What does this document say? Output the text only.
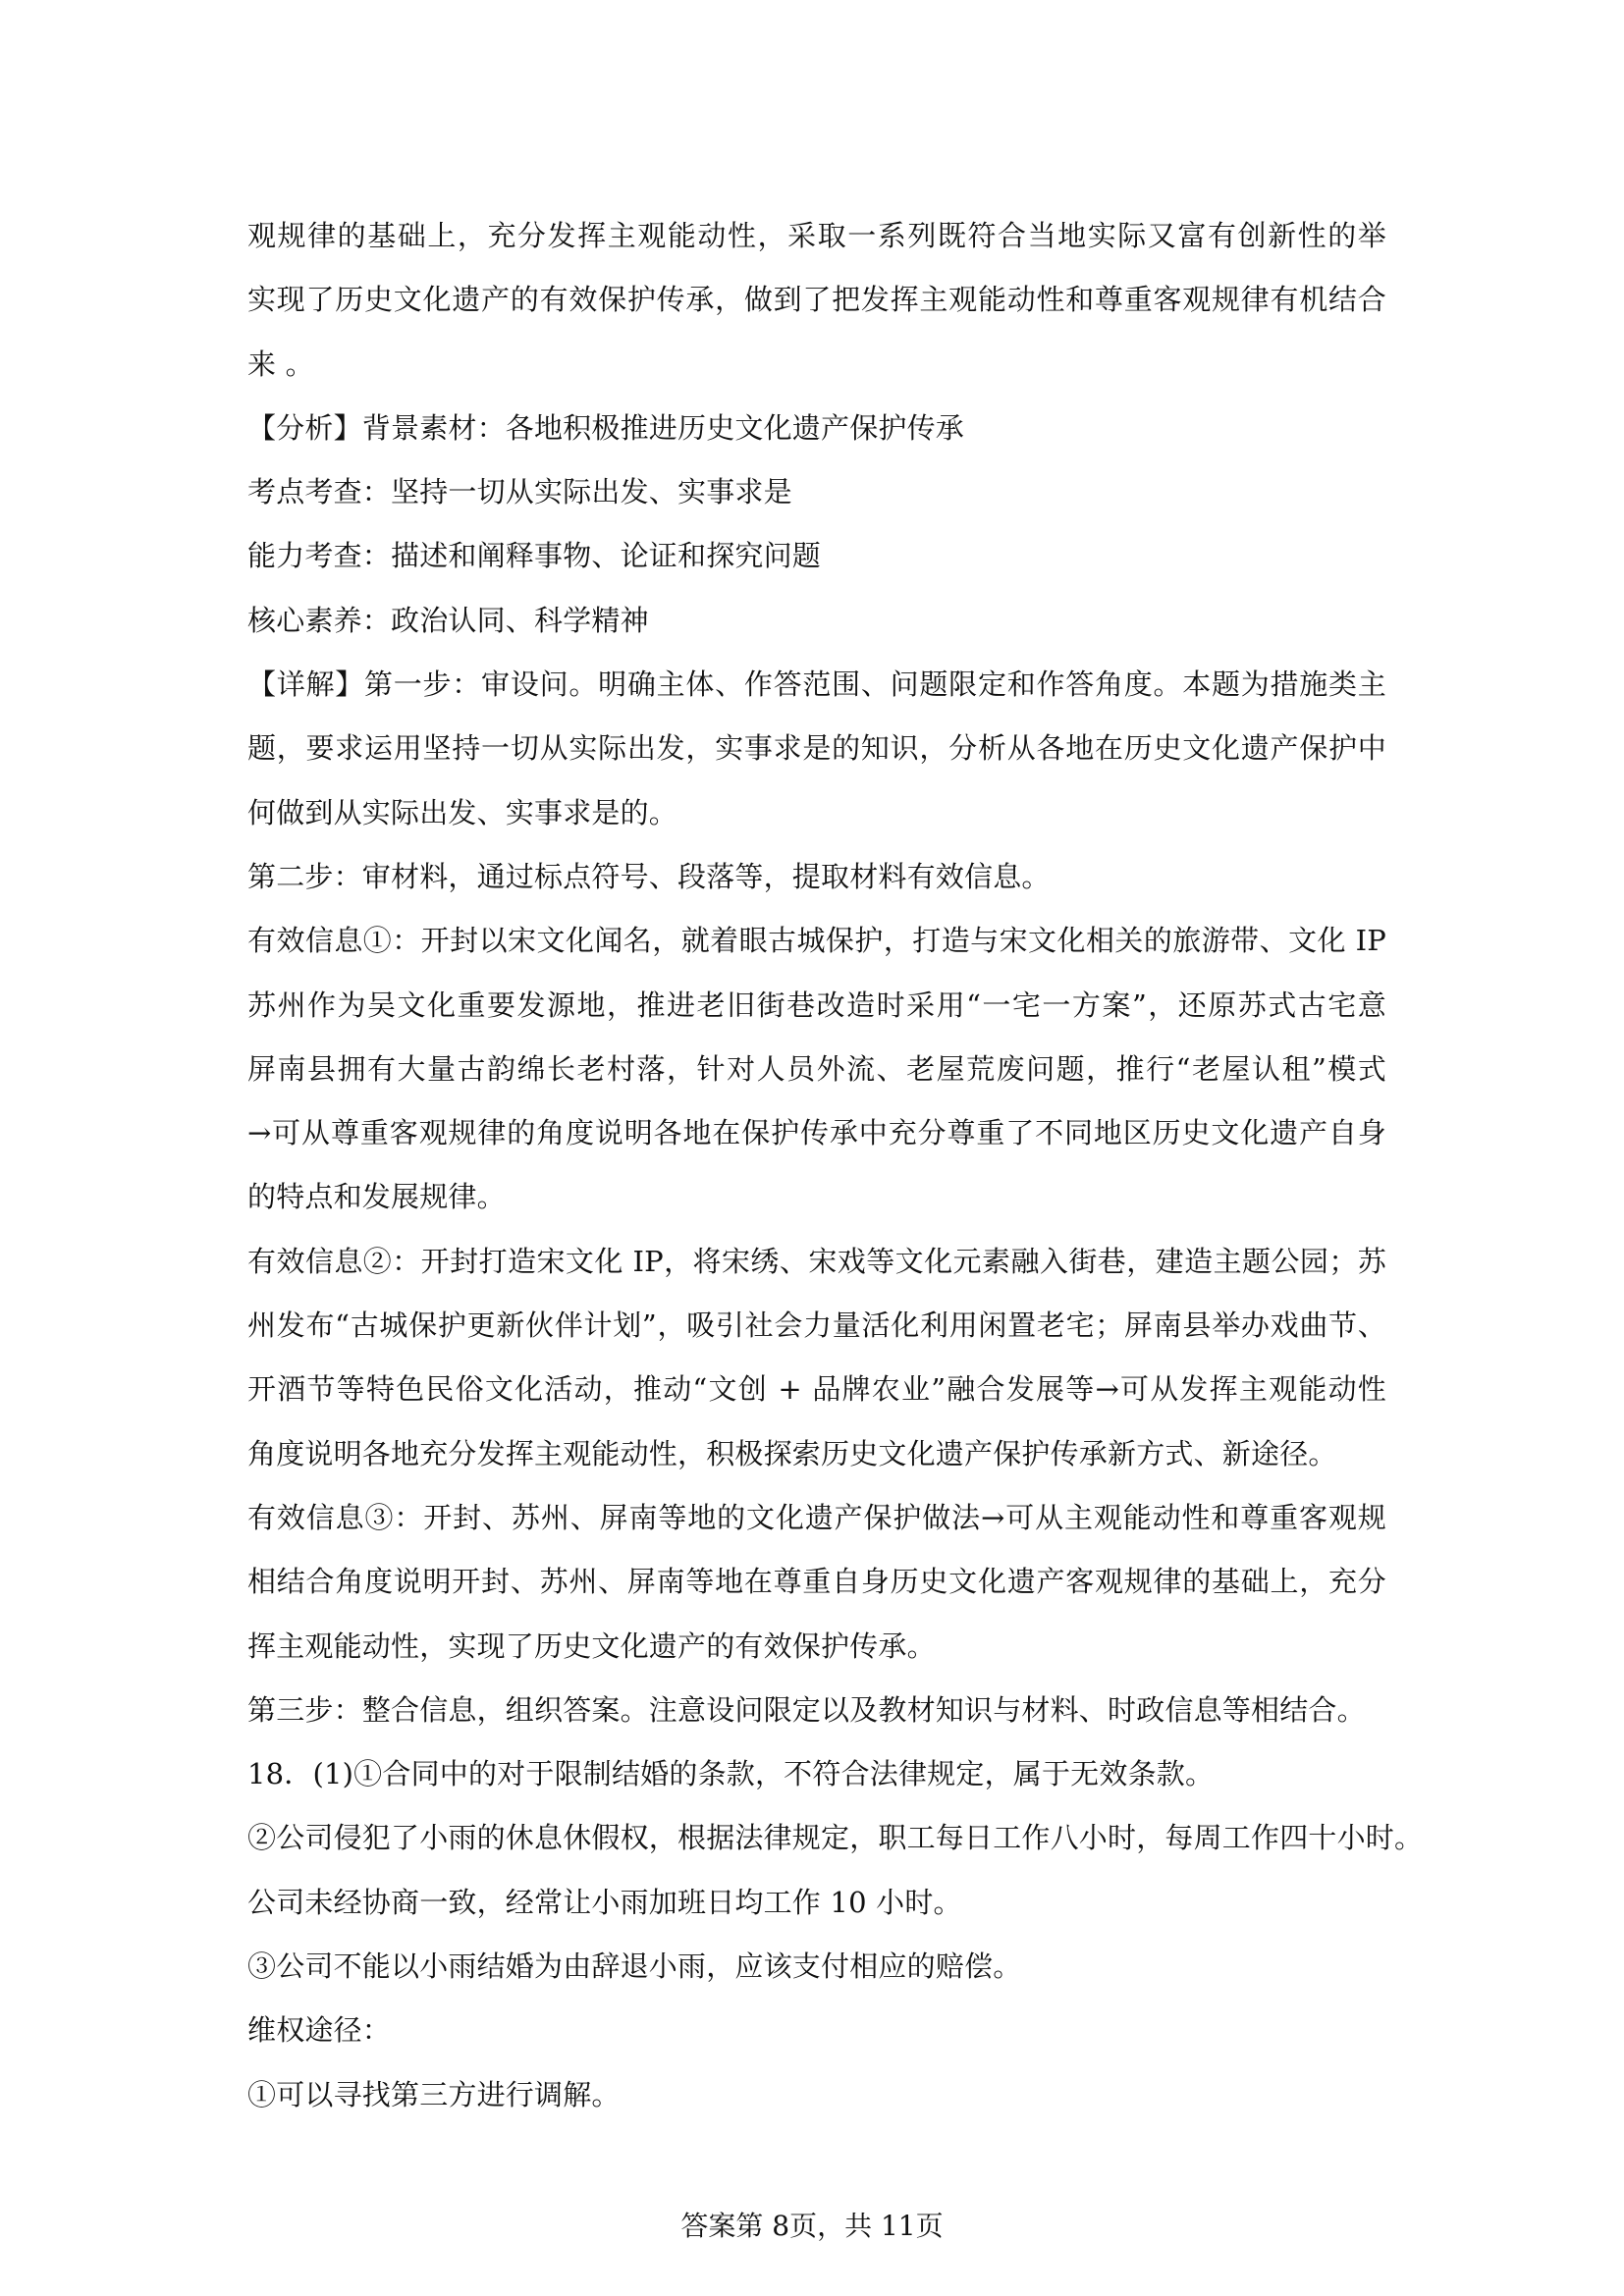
观规律的基础上，充分发挥主观能动性，采取一系列既符合当地实际又富有创新性的举
实现了历史文化遗产的有效保护传承，做到了把发挥主观能动性和尊重客观规律有机结合
来 。
【分析】背景素材：各地积极推进历史文化遗产保护传承
考点考查：坚持一切从实际出发、实事求是
能力考查：描述和阐释事物、论证和探究问题
核心素养：政治认同、科学精神
【详解】第一步：审设问。明确主体、作答范围、问题限定和作答角度。本题为措施类主
题，要求运用坚持一切从实际出发，实事求是的知识，分析从各地在历史文化遗产保护中
何做到从实际出发、实事求是的。
第二步：审材料，通过标点符号、段落等，提取材料有效信息。
有效信息①：开封以宋文化闻名，就着眼古城保护，打造与宋文化相关的旅游带、文化 IP
苏州作为吴文化重要发源地，推进老旧街巷改造时采用“一宅一方案”，还原苏式古宅意
屏南县拥有大量古韵绵长老村落，针对人员外流、老屋荒废问题，推行“老屋认租”模式
→可从尊重客观规律的角度说明各地在保护传承中充分尊重了不同地区历史文化遗产自身
的特点和发展规律。
有效信息②：开封打造宋文化 IP，将宋绣、宋戏等文化元素融入街巷，建造主题公园；苏
州发布“古城保护更新伙伴计划”，吸引社会力量活化利用闲置老宅；屏南县举办戏曲节、
开酒节等特色民俗文化活动，推动“文创 + 品牌农业”融合发展等→可从发挥主观能动性
角度说明各地充分发挥主观能动性，积极探索历史文化遗产保护传承新方式、新途径。
有效信息③：开封、苏州、屏南等地的文化遗产保护做法→可从主观能动性和尊重客观规
相结合角度说明开封、苏州、屏南等地在尊重自身历史文化遗产客观规律的基础上，充分
挥主观能动性，实现了历史文化遗产的有效保护传承。
第三步：整合信息，组织答案。注意设问限定以及教材知识与材料、时政信息等相结合。
18．(1)①合同中的对于限制结婚的条款，不符合法律规定，属于无效条款。
②公司侵犯了小雨的休息休假权，根据法律规定，职工每日工作八小时，每周工作四十小时。
公司未经协商一致，经常让小雨加班日均工作 10 小时。
③公司不能以小雨结婚为由辞退小雨，应该支付相应的赔偿。
维权途径：
①可以寻找第三方进行调解。
答案第 8页，共 11页
